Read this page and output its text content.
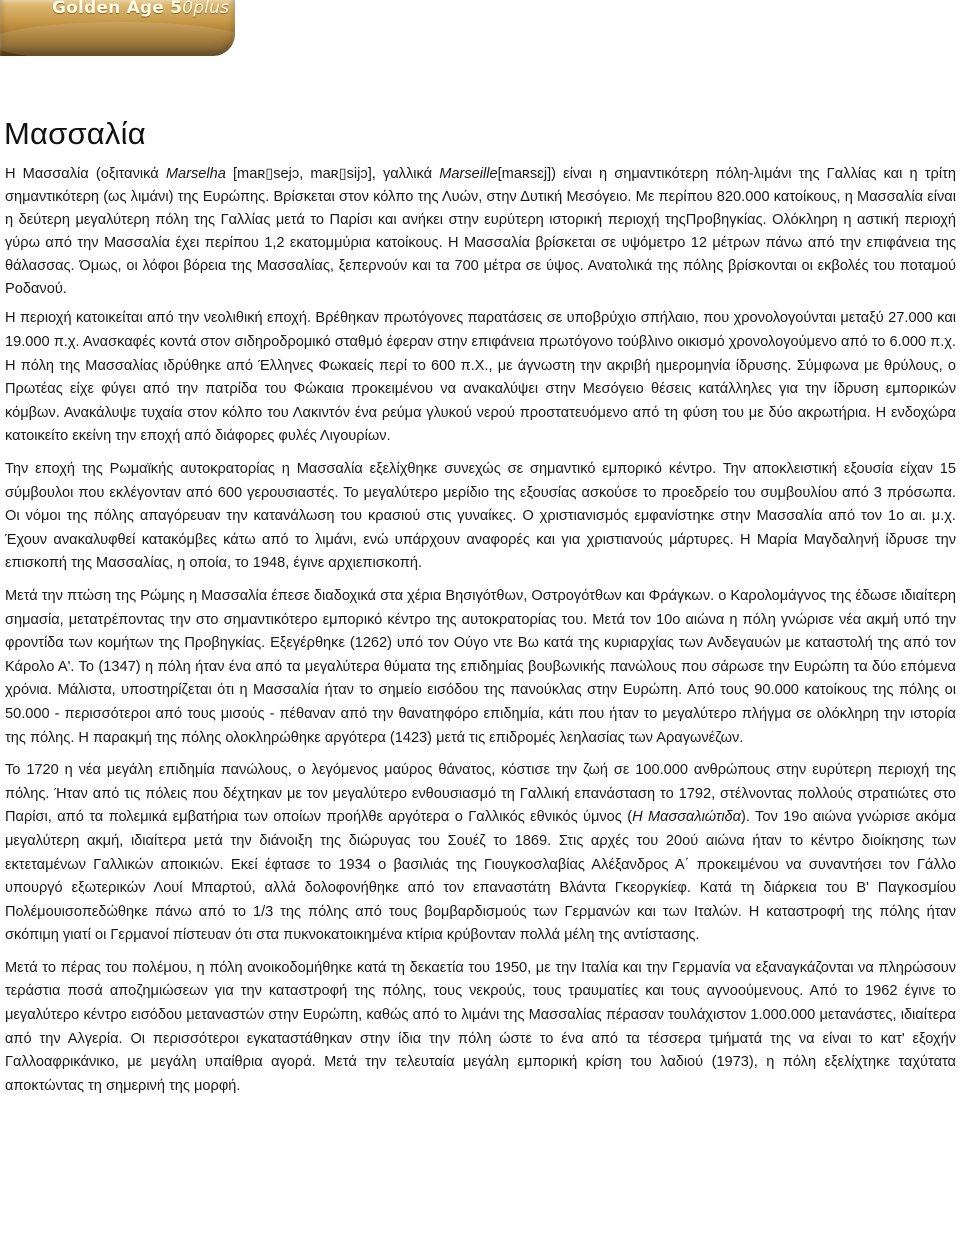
Golden Age 50plus
Μασσαλία

Η Μασσαλία (οξιτανικά Marselha [maʀ▯sejɔ, maʀ▯sijɔ], γαλλικά Marseille[maʀsɛj]) είναι η σημαντικότερη πόλη-λιμάνι της Γαλλίας και η τρίτη σημαντικότερη (ως λιμάνι) της Ευρώπης. Βρίσκεται στον κόλπο της Λυών, στην Δυτική Μεσόγειο. Με περίπου 820.000 κατοίκους, η Μασσαλία είναι η δεύτερη μεγαλύτερη πόλη της Γαλλίας μετά το Παρίσι και ανήκει στην ευρύτερη ιστορική περιοχή τηςΠροβηγκίας. Ολόκληρη η αστική περιοχή γύρω από την Μασσαλία έχει περίπου 1,2 εκατομμύρια κατοίκους. Η Μασσαλία βρίσκεται σε υψόμετρο 12 μέτρων πάνω από την επιφάνεια της θάλασσας. Όμως, οι λόφοι βόρεια της Μασσαλίας, ξεπερνούν και τα 700 μέτρα σε ύψος. Ανατολικά της πόλης βρίσκονται οι εκβολές του ποταμού Ροδανού.

Η περιοχή κατοικείται από την νεολιθική εποχή. Βρέθηκαν πρωτόγονες παρατάσεις σε υποβρύχιο σπήλαιο, που χρονολογούνται μεταξύ 27.000 και 19.000 π.χ. Ανασκαφές κοντά στον σιδηροδρομικό σταθμό έφεραν στην επιφάνεια πρωτόγονο τούβλινο οικισμό χρονολογούμενο από το 6.000 π.χ. Η πόλη της Μασσαλίας ιδρύθηκε από Έλληνες Φωκαείς περί το 600 π.Χ., με άγνωστη την ακριβή ημερομηνία ίδρυσης. Σύμφωνα με θρύλους, ο Πρωτέας είχε φύγει από την πατρίδα του Φώκαια προκειμένου να ανακαλύψει στην Μεσόγειο θέσεις κατάλληλες για την ίδρυση εμπορικών κόμβων. Ανακάλυψε τυχαία στον κόλπο του Λακιντόν ένα ρεύμα γλυκού νερού προστατευόμενο από τη φύση του με δύο ακρωτήρια. Η ενδοχώρα κατοικείτο εκείνη την εποχή από διάφορες φυλές Λιγουρίων.

Την εποχή της Ρωμαϊκής αυτοκρατορίας η Μασσαλία εξελίχθηκε συνεχώς σε σημαντικό εμπορικό κέντρο. Την αποκλειστική εξουσία είχαν 15 σύμβουλοι που εκλέγονταν από 600 γερουσιαστές. Το μεγαλύτερο μερίδιο της εξουσίας ασκούσε το προεδρείο του συμβουλίου από 3 πρόσωπα. Οι νόμοι της πόλης απαγόρευαν την κατανάλωση του κρασιού στις γυναίκες. Ο χριστιανισμός εμφανίστηκε στην Μασσαλία από τον 1ο αι. μ.χ. Έχουν ανακαλυφθεί κατακόμβες κάτω από το λιμάνι, ενώ υπάρχουν αναφορές και για χριστιανούς μάρτυρες. Η Μαρία Μαγδαληνή ίδρυσε την επισκοπή της Μασσαλίας, η οποία, το 1948, έγινε αρχιεπισκοπή.

Μετά την πτώση της Ρώμης η Μασσαλία έπεσε διαδοχικά στα χέρια Βησιγότθων, Οστρογότθων και Φράγκων. ο Καρολομάγνος της έδωσε ιδιαίτερη σημασία, μετατρέποντας την στο σημαντικότερο εμπορικό κέντρο της αυτοκρατορίας του. Μετά τον 10ο αιώνα η πόλη γνώρισε νέα ακμή υπό την φροντίδα των κομήτων της Προβηγκίας. Εξεγέρθηκε (1262) υπό τον Ούγο ντε Βω κατά της κυριαρχίας των Ανδεγαυών με καταστολή της από τον Κάρολο Α'. Το (1347) η πόλη ήταν ένα από τα μεγαλύτερα θύματα της επιδημίας βουβωνικής πανώλους που σάρωσε την Ευρώπη τα δύο επόμενα χρόνια. Μάλιστα, υποστηρίζεται ότι η Μασσαλία ήταν το σημείο εισόδου της πανούκλας στην Ευρώπη. Από τους 90.000 κατοίκους της πόλης οι 50.000 - περισσότεροι από τους μισούς - πέθαναν από την θανατηφόρο επιδημία, κάτι που ήταν το μεγαλύτερο πλήγμα σε ολόκληρη την ιστορία της πόλης. Η παρακμή της πόλης ολοκληρώθηκε αργότερα (1423) μετά τις επιδρομές λεηλασίας των Αραγωνέζων.

Το 1720 η νέα μεγάλη επιδημία πανώλους, ο λεγόμενος μαύρος θάνατος, κόστισε την ζωή σε 100.000 ανθρώπους στην ευρύτερη περιοχή της πόλης. Ήταν από τις πόλεις που δέχτηκαν με τον μεγαλύτερο ενθουσιασμό τη Γαλλική επανάσταση το 1792, στέλνοντας πολλούς στρατιώτες στο Παρίσι, από τα πολεμικά εμβατήρια των οποίων προήλθε αργότερα ο Γαλλικός εθνικός ύμνος (Η Μασσαλιώτιδα). Τον 19ο αιώνα γνώρισε ακόμα μεγαλύτερη ακμή, ιδιαίτερα μετά την διάνοιξη της διώρυγας του Σουέζ το 1869. Στις αρχές του 20ού αιώνα ήταν το κέντρο διοίκησης των εκτεταμένων Γαλλικών αποικιών. Εκεί έφτασε το 1934 ο βασιλιάς της Γιουγκοσλαβίας Αλέξανδρος Α΄ προκειμένου να συναντήσει τον Γάλλο υπουργό εξωτερικών Λουί Μπαρτού, αλλά δολοφονήθηκε από τον επαναστάτη Βλάντα Γκεοργκίεφ. Κατά τη διάρκεια του Β' Παγκοσμίου Πολέμουισοπεδώθηκε πάνω από το 1/3 της πόλης από τους βομβαρδισμούς των Γερμανών και των Ιταλών. Η καταστροφή της πόλης ήταν σκόπιμη γιατί οι Γερμανοί πίστευαν ότι στα πυκνοκατοικημένα κτίρια κρύβονταν πολλά μέλη της αντίστασης.

Μετά το πέρας του πολέμου, η πόλη ανοικοδομήθηκε κατά τη δεκαετία του 1950, με την Ιταλία και την Γερμανία να εξαναγκάζονται να πληρώσουν τεράστια ποσά αποζημιώσεων για την καταστροφή της πόλης, τους νεκρούς, τους τραυματίες και τους αγνοούμενους. Από το 1962 έγινε το μεγαλύτερο κέντρο εισόδου μεταναστών στην Ευρώπη, καθώς από το λιμάνι της Μασσαλίας πέρασαν τουλάχιστον 1.000.000 μετανάστες, ιδιαίτερα από την Αλγερία. Οι περισσότεροι εγκαταστάθηκαν στην ίδια την πόλη ώστε το ένα από τα τέσσερα τμήματά της να είναι το κατ' εξοχήν Γαλλοαφρικάνικο, με μεγάλη υπαίθρια αγορά. Μετά την τελευταία μεγάλη εμπορική κρίση του λαδιού (1973), η πόλη εξελίχτηκε ταχύτατα αποκτώντας τη σημερινή της μορφή.
